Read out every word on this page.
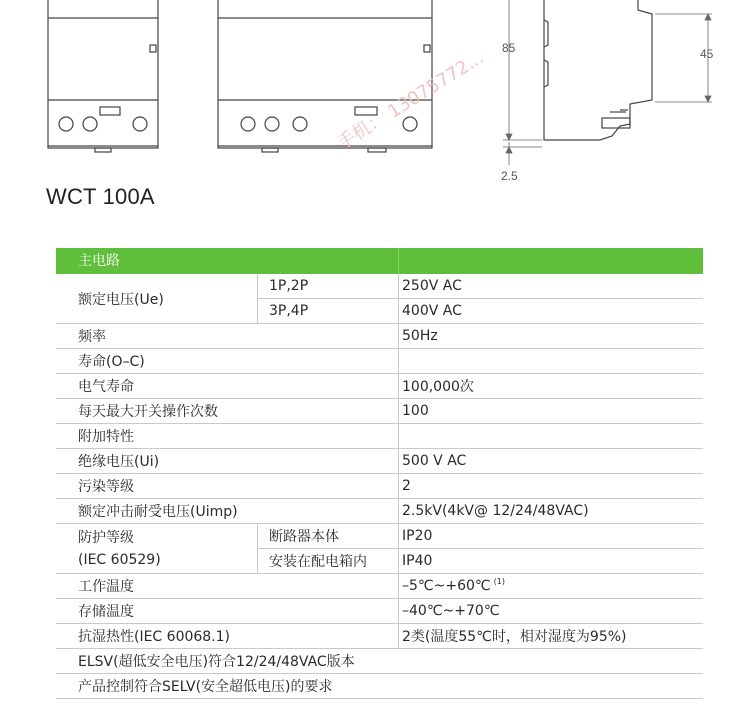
85
2.5
45
手机： 13075772...
WCT 100A
主电路
额定电压(Ue)
1P,2P	250V AC
3P,4P	400V AC
频率	50Hz
寿命(O–C)
电气寿命	100,000次
每天最大开关操作次数	100
附加特性
绝缘电压(Ui)	500 V AC
污染等级	2
额定冲击耐受电压(Uimp)	2.5kV(4kV@ 12/24/48VAC)
防护等级
(IEC 60529)
断路器本体	IP20
安装在配电箱内	IP40
工作温度	–5℃~+60℃ $^{(1)}$
存储温度	–40℃~+70℃
抗湿热性(IEC 60068.1)	2类(温度55℃时，相对湿度为95%)
ELSV(超低安全电压)符合12/24/48VAC版本
产品控制符合SELV(安全超低电压)的要求
